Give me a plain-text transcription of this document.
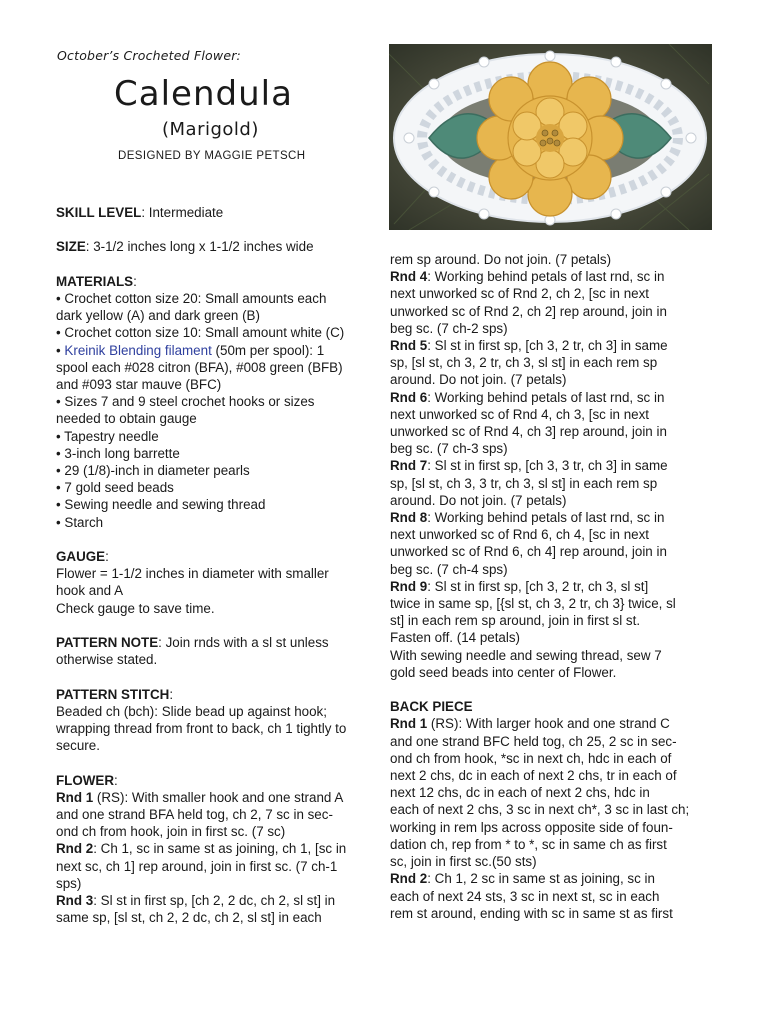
October’s Crocheted Flower:
Calendula
(Marigold)
DESIGNED BY MAGGIE PETSCH

SKILL LEVEL: Intermediate

SIZE: 3-1/2 inches long x 1-1/2 inches wide

MATERIALS:

• Crochet cotton size 20: Small amounts each

dark yellow (A) and dark green (B)

• Crochet cotton size 10: Small amount white (C)

• Kreinik Blending filament (50m per spool): 1

spool each #028 citron (BFA), #008 green (BFB)

and #093 star mauve (BFC)

• Sizes 7 and 9 steel crochet hooks or sizes

needed to obtain gauge

• Tapestry needle

• 3-inch long barrette

• 29 (1/8)-inch in diameter pearls

• 7 gold seed beads

• Sewing needle and sewing thread

• Starch

GAUGE:

Flower = 1-1/2 inches in diameter with smaller

hook and A

Check gauge to save time.

PATTERN NOTE: Join rnds with a sl st unless

otherwise stated.

PATTERN STITCH:

Beaded ch (bch): Slide bead up against hook;

wrapping thread from front to back, ch 1 tightly to

secure.

FLOWER:

Rnd 1 (RS): With smaller hook and one strand A

and one strand BFA held tog, ch 2, 7 sc in sec-

ond ch from hook, join in first sc. (7 sc)

Rnd 2: Ch 1, sc in same st as joining, ch 1, [sc in

next sc, ch 1] rep around, join in first sc. (7 ch-1

sps)

Rnd 3: Sl st in first sp, [ch 2, 2 dc, ch 2, sl st] in

same sp, [sl st, ch 2, 2 dc, ch 2, sl st] in each

rem sp around. Do not join. (7 petals)

Rnd 4: Working behind petals of last rnd, sc in

next unworked sc of Rnd 2, ch 2, [sc in next

unworked sc of Rnd 2, ch 2] rep around, join in

beg sc. (7 ch-2 sps)

Rnd 5: Sl st in first sp, [ch 3, 2 tr, ch 3] in same

sp, [sl st, ch 3, 2 tr, ch 3, sl st] in each rem sp

around. Do not join. (7 petals)

Rnd 6: Working behind petals of last rnd, sc in

next unworked sc of Rnd 4, ch 3, [sc in next

unworked sc of Rnd 4, ch 3] rep around, join in

beg sc. (7 ch-3 sps)

Rnd 7: Sl st in first sp, [ch 3, 3 tr, ch 3] in same

sp, [sl st, ch 3, 3 tr, ch 3, sl st] in each rem sp

around. Do not join. (7 petals)

Rnd 8: Working behind petals of last rnd, sc in

next unworked sc of Rnd 6, ch 4, [sc in next

unworked sc of Rnd 6, ch 4] rep around, join in

beg sc. (7 ch-4 sps)

Rnd 9: Sl st in first sp, [ch 3, 2 tr, ch 3, sl st]

twice in same sp, [{sl st, ch 3, 2 tr, ch 3} twice, sl

st] in each rem sp around, join in first sl st.

Fasten off. (14 petals)

With sewing needle and sewing thread, sew 7

gold seed beads into center of Flower.

BACK PIECE

Rnd 1 (RS): With larger hook and one strand C

and one strand BFC held tog, ch 25, 2 sc in sec-

ond ch from hook, *sc in next ch, hdc in each of

next 2 chs, dc in each of next 2 chs, tr in each of

next 12 chs, dc in each of next 2 chs, hdc in

each of next 2 chs, 3 sc in next ch*, 3 sc in last ch;

working in rem lps across opposite side of foun-

dation ch, rep from * to *, sc in same ch as first

sc, join in first sc.(50 sts)

Rnd 2: Ch 1, 2 sc in same st as joining, sc in

each of next 24 sts, 3 sc in next st, sc in each

rem st around, ending with sc in same st as first
